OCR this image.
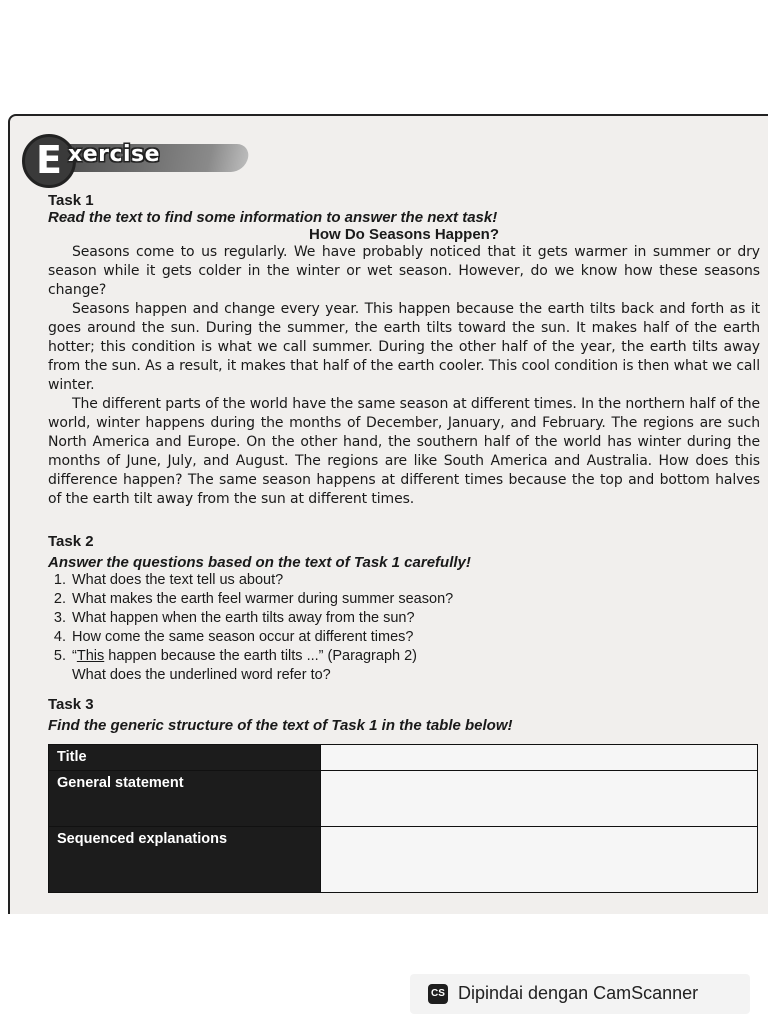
E xercise

Task 1

Read the text to find some information to answer the next task!

How Do Seasons Happen?

Seasons come to us regularly. We have probably noticed that it gets warmer in summer or dry season while it gets colder in the winter or wet season. However, do we know how these seasons change?

Seasons happen and change every year. This happen because the earth tilts back and forth as it goes around the sun. During the summer, the earth tilts toward the sun. It makes half of the earth hotter; this condition is what we call summer. During the other half of the year, the earth tilts away from the sun. As a result, it makes that half of the earth cooler. This cool condition is then what we call winter.

The different parts of the world have the same season at different times. In the northern half of the world, winter happens during the months of December, January, and February. The regions are such North America and Europe. On the other hand, the southern half of the world has winter during the months of June, July, and August. The regions are like South America and Australia. How does this difference happen? The same season happens at different times because the top and bottom halves of the earth tilt away from the sun at different times.

Task 2

Answer the questions based on the text of Task 1 carefully!

1. What does the text tell us about?
2. What makes the earth feel warmer during summer season?
3. What happen when the earth tilts away from the sun?
4. How come the same season occur at different times?
5. “This happen because the earth tilts ...” (Paragraph 2)

What does the underlined word refer to?

Task 3

Find the generic structure of the text of Task 1 in the table below!

Title	
General statement	
Sequenced explanations	
CS Dipindai dengan CamScanner
